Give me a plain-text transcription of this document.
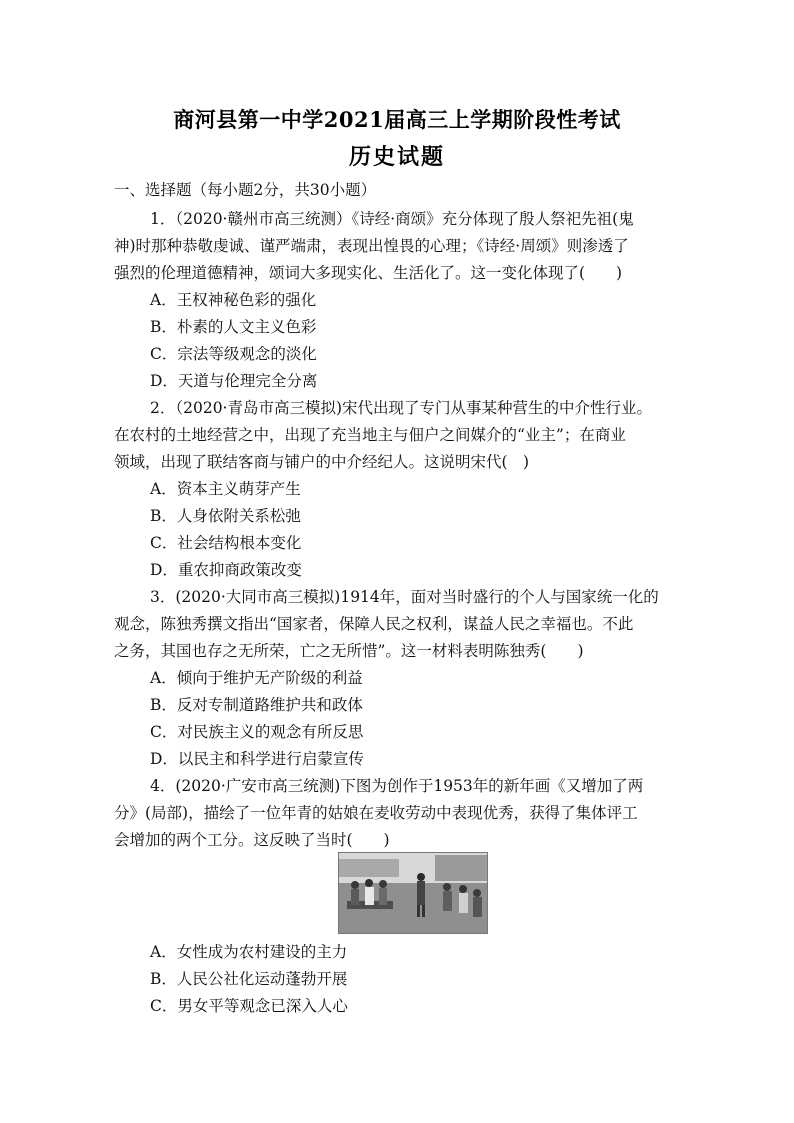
商河县第一中学2021届高三上学期阶段性考试
历史试题
一、选择题（每小题2分，共30小题）
1．（2020·赣州市高三统测）《诗经·商颂》充分体现了殷人祭祀先祖(鬼
神)时那种恭敬虔诚、谨严端肃，表现出惶畏的心理；《诗经·周颂》则渗透了
强烈的伦理道德精神，颂词大多现实化、生活化了。这一变化体现了(　　)
A．王权神秘色彩的强化
B．朴素的人文主义色彩
C．宗法等级观念的淡化
D．天道与伦理完全分离
2．（2020·青岛市高三模拟)宋代出现了专门从事某种营生的中介性行业。
在农村的土地经营之中，出现了充当地主与佃户之间媒介的“业主”；在商业
领域，出现了联结客商与铺户的中介经纪人。这说明宋代(　)
A．资本主义萌芽产生
B．人身依附关系松弛
C．社会结构根本变化
D．重农抑商政策改变
3．(2020·大同市高三模拟)1914年，面对当时盛行的个人与国家统一化的
观念，陈独秀撰文指出“国家者，保障人民之权利，谋益人民之幸福也。不此
之务，其国也存之无所荣，亡之无所惜”。这一材料表明陈独秀(　　)
A．倾向于维护无产阶级的利益
B．反对专制道路维护共和政体
C．对民族主义的观念有所反思
D．以民主和科学进行启蒙宣传
4．(2020·广安市高三统测)下图为创作于1953年的新年画《又增加了两
分》(局部)，描绘了一位年青的姑娘在麦收劳动中表现优秀，获得了集体评工
会增加的两个工分。这反映了当时(　　)
A．女性成为农村建设的主力
B．人民公社化运动蓬勃开展
C．男女平等观念已深入人心
